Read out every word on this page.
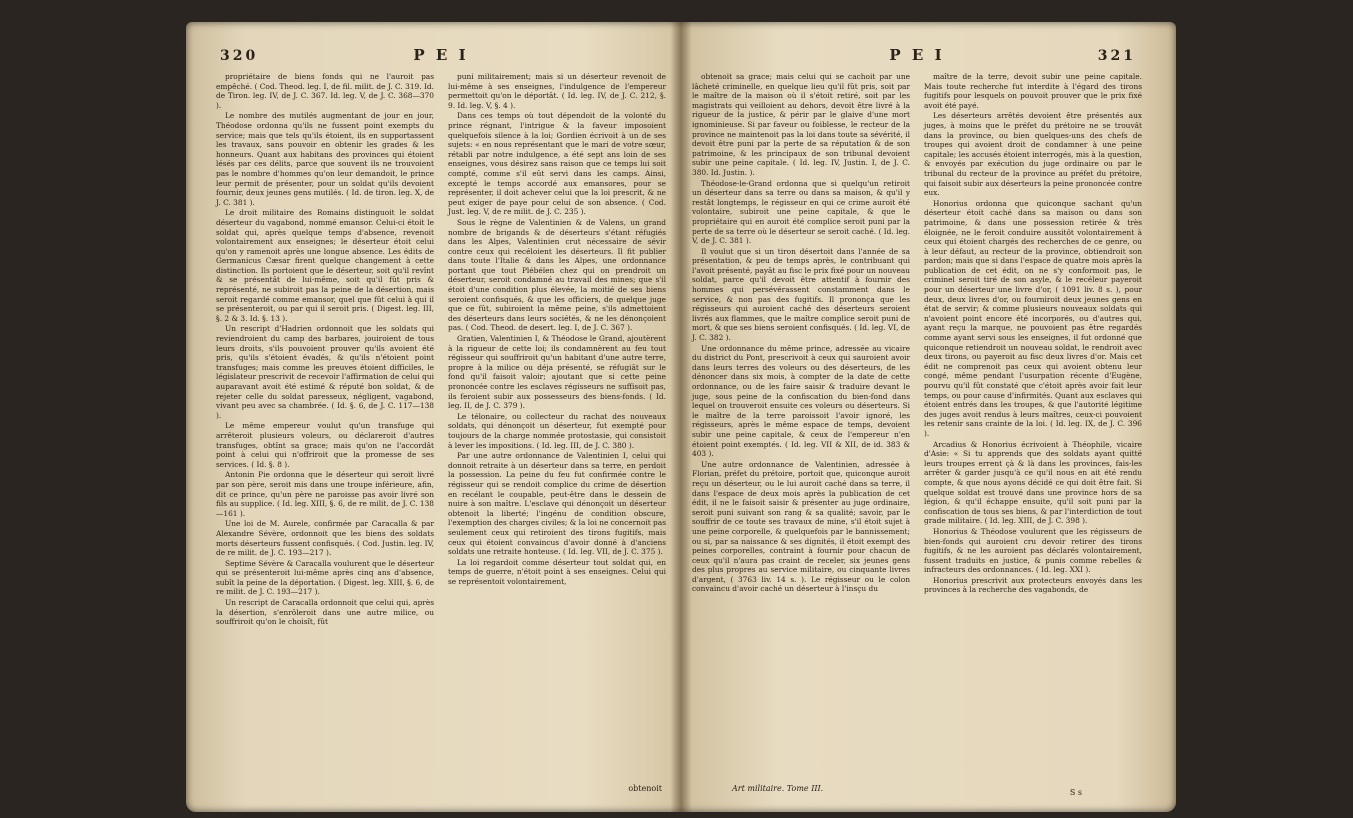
320	P E I

propriétaire de biens fonds qui ne l'auroit pas empêché. ( Cod. Theod. leg. I, de fil. milit. de J. C. 319. Id. de Tiron. leg. IV, de J. C. 367. Id. leg. V, de J. C. 368—370 ).

Le nombre des mutilés augmentant de jour en jour, Théodose ordonna qu'ils ne fussent point exempts du service; mais que tels qu'ils étoient, ils en supportassent les travaux, sans pouvoir en obtenir les grades & les honneurs. Quant aux habitans des provinces qui étoient lésés par ces délits, parce que souvent ils ne trouvoient pas le nombre d'hommes qu'on leur demandoit, le prince leur permit de présenter, pour un soldat qu'ils devoient fournir, deux jeunes gens mutilés. ( Id. de tiron. leg. X, de J. C. 381 ).

Le droit militaire des Romains distinguoit le soldat déserteur du vagabond, nommé emansor. Celui-ci étoit le soldat qui, après quelque temps d'absence, revenoit volontairement aux enseignes; le déserteur étoit celui qu'on y ramenoit après une longue absence. Les édits de Germanicus Cæsar firent quelque changement à cette distinction. Ils portoient que le déserteur, soit qu'il revînt & se présentât de lui-même, soit qu'il fût pris & représenté, ne subiroit pas la peine de la désertion, mais seroit regardé comme emansor, quel que fût celui à qui il se présenteroit, ou par qui il seroit pris. ( Digest. leg. III, §. 2 & 3. Id. §. 13 ).

Un rescript d'Hadrien ordonnoit que les soldats qui reviendroient du camp des barbares, jouiroient de tous leurs droits, s'ils pouvoient prouver qu'ils avoient été pris, qu'ils s'étoient évadés, & qu'ils n'étoient point transfuges; mais comme les preuves étoient difficiles, le législateur prescrivit de recevoir l'affirmation de celui qui auparavant avoit été estimé & réputé bon soldat, & de rejeter celle du soldat paresseux, négligent, vagabond, vivant peu avec sa chambrée. ( Id. §. 6, de J. C. 117—138 ).

Le même empereur voulut qu'un transfuge qui arrêteroit plusieurs voleurs, ou déclareroit d'autres transfuges, obtînt sa grace; mais qu'on ne l'accordât point à celui qui n'offriroit que la promesse de ses services. ( Id. §. 8 ).

Antonin Pie ordonna que le déserteur qui seroit livré par son père, seroit mis dans une troupe inférieure, afin, dit ce prince, qu'un père ne paroisse pas avoir livré son fils au supplice. ( Id. leg. XIII, §. 6, de re milit. de J. C. 138—161 ).

Une loi de M. Aurele, confirmée par Caracalla & par Alexandre Sévère, ordonnoit que les biens des soldats morts déserteurs fussent confisqués. ( Cod. Justin. leg. IV, de re milit. de J. C. 193—217 ).

Septime Sévère & Caracalla voulurent que le déserteur qui se présenteroit lui-même après cinq ans d'absence, subît la peine de la déportation. ( Digest. leg. XIII, §. 6, de re milit. de J. C. 193—217 ).

Un rescript de Caracalla ordonnoit que celui qui, après la désertion, s'enrôleroit dans une autre milice, ou souffriroit qu'on le choisît, fût

puni militairement; mais si un déserteur revenoit de lui-même à ses enseignes, l'indulgence de l'empereur permettoit qu'on le déportât. ( Id. leg. IV, de J. C. 212, §. 9. Id. leg. V, §. 4 ).

Dans ces temps où tout dépendoit de la volonté du prince régnant, l'intrigue & la faveur imposoient quelquefois silence à la loi; Gordien écrivoit à un de ses sujets: « en nous représentant que le mari de votre sœur, rétabli par notre indulgence, a été sept ans loin de ses enseignes, vous désirez sans raison que ce temps lui soit compté, comme s'il eût servi dans les camps. Ainsi, excepté le temps accordé aux emansores, pour se représenter, il doit achever celui que la loi prescrit, & ne peut exiger de paye pour celui de son absence. ( Cod. Just. leg. V, de re milit. de J. C. 235 ).

Sous le règne de Valentinien & de Valens, un grand nombre de brigands & de déserteurs s'étant réfugiés dans les Alpes, Valentinien crut nécessaire de sévir contre ceux qui recéloient les déserteurs. Il fit publier dans toute l'Italie & dans les Alpes, une ordonnance portant que tout Plébéïen chez qui on prendroit un déserteur, seroit condamné au travail des mines; que s'il étoit d'une condition plus élevée, la moitié de ses biens seroient confisqués, & que les officiers, de quelque juge que ce fût, subiroient la même peine, s'ils admettoient des déserteurs dans leurs sociétés, & ne les dénonçoient pas. ( Cod. Theod. de desert. leg. I, de J. C. 367 ).

Gratien, Valentinien I, & Théodose le Grand, ajoutèrent à la rigueur de cette loi; ils condamnèrent au feu tout régisseur qui souffriroit qu'un habitant d'une autre terre, propre à la milice ou déja présenté, se réfugiât sur le fond qu'il faisoit valoir; ajoutant que si cette peine prononcée contre les esclaves régisseurs ne suffisoit pas, ils feroient subir aux possesseurs des biens-fonds. ( Id. leg. II, de J. C. 379 ).

Le télonaire, ou collecteur du rachat des nouveaux soldats, qui dénonçoit un déserteur, fut exempté pour toujours de la charge nommée protostasie, qui consistoit à lever les impositions. ( Id. leg. III, de J. C. 380 ).

Par une autre ordonnance de Valentinien I, celui qui donnoit retraite à un déserteur dans sa terre, en perdoit la possession. La peine du feu fut confirmée contre le régisseur qui se rendoit complice du crime de désertion en recélant le coupable, peut-être dans le dessein de nuire à son maître. L'esclave qui dénonçoit un déserteur obtenoit la liberté; l'ingénu de condition obscure, l'exemption des charges civiles; & la loi ne concernoit pas seulement ceux qui retiroient des tirons fugitifs, mais ceux qui étoient convaincus d'avoir donné à d'anciens soldats une retraite honteuse. ( Id. leg. VII, de J. C. 375 ).

La loi regardoit comme déserteur tout soldat qui, en temps de guerre, n'étoit point à ses enseignes. Celui qui se représentoit volontairement,

obtenoit
P E I	321

obtenoit sa grace; mais celui qui se cachoit par une lâcheté criminelle, en quelque lieu qu'il fût pris, soit par le maître de la maison où il s'étoit retiré, soit par les magistrats qui veilloient au dehors, devoit être livré à la rigueur de la justice, & périr par le glaive d'une mort ignominieuse. Si par faveur ou foiblesse, le recteur de la province ne maintenoit pas la loi dans toute sa sévérité, il devoit être puni par la perte de sa réputation & de son patrimoine, & les principaux de son tribunal devoient subir une peine capitale. ( Id. leg. IV, Justin. I, de J. C. 380. Id. Justin. ).

Théodose-le-Grand ordonna que si quelqu'un retiroit un déserteur dans sa terre ou dans sa maison, & qu'il y restât longtemps, le régisseur en qui ce crime auroit été volontaire, subiroit une peine capitale, & que le propriétaire qui en auroit été complice seroit puni par la perte de sa terre où le déserteur se seroit caché. ( Id. leg. V, de J. C. 381 ).

Il voulut que si un tiron désertoit dans l'année de sa présentation, & peu de temps après, le contribuant qui l'avoit présenté, payât au fisc le prix fixé pour un nouveau soldat, parce qu'il devoit être attentif à fournir des hommes qui persévérassent constamment dans le service, & non pas des fugitifs. Il prononça que les régisseurs qui auroient caché des déserteurs seroient livrés aux flammes, que le maître complice seroit puni de mort, & que ses biens seroient confisqués. ( Id. leg. VI, de J. C. 382 ).

Une ordonnance du même prince, adressée au vicaire du district du Pont, prescrivoit à ceux qui sauroient avoir dans leurs terres des voleurs ou des déserteurs, de les dénoncer dans six mois, à compter de la date de cette ordonnance, ou de les faire saisir & traduire devant le juge, sous peine de la confiscation du bien-fond dans lequel on trouveroit ensuite ces voleurs ou déserteurs. Si le maître de la terre paroissoit l'avoir ignoré, les régisseurs, après le même espace de temps, devoient subir une peine capitale, & ceux de l'empereur n'en étoient point exemptés. ( Id. leg. VII & XII, de id. 383 & 403 ).

Une autre ordonnance de Valentinien, adressée à Florian, préfet du prétoire, portoit que, quiconque auroit reçu un déserteur, ou le lui auroit caché dans sa terre, il dans l'espace de deux mois après la publication de cet édit, il ne le faisoit saisir & présenter au juge ordinaire, seroit puni suivant son rang & sa qualité; savoir, par le souffrir de ce toute ses travaux de mine, s'il étoit sujet à une peine corporelle, & quelquefois par le bannissement; ou si, par sa naissance & ses dignités, il étoit exempt des peines corporelles, contraint à fournir pour chacun de ceux qu'il n'aura pas craint de receler, six jeunes gens des plus propres au service militaire, ou cinquante livres d'argent, ( 3763 liv. 14 s. ). Le régisseur ou le colon convaincu d'avoir caché un déserteur à l'insçu du

maître de la terre, devoit subir une peine capitale. Mais toute recherche fut interdite à l'égard des tirons fugitifs pour lesquels on pouvoit prouver que le prix fixé avoit été payé.

Les déserteurs arrêtés devoient être présentés aux juges, à moins que le préfet du prétoire ne se trouvât dans la province, ou bien quelques-uns des chefs de troupes qui avoient droit de condamner à une peine capitale; les accusés étoient interrogés, mis à la question, & envoyés par exécution du juge ordinaire ou par le tribunal du recteur de la province au préfet du prétoire, qui faisoit subir aux déserteurs la peine prononcée contre eux.

Honorius ordonna que quiconque sachant qu'un déserteur étoit caché dans sa maison ou dans son patrimoine, & dans une possession retirée & très éloignée, ne le feroit conduire aussitôt volontairement à ceux qui étoient chargés des recherches de ce genre, ou à leur défaut, au recteur de la province, obtiendroit son pardon; mais que si dans l'espace de quatre mois après la publication de cet édit, on ne s'y conformoit pas, le criminel seroit tiré de son asyle, & le recéleur payeroit pour un déserteur une livre d'or, ( 1091 liv. 8 s. ), pour deux, deux livres d'or, ou fourniroit deux jeunes gens en état de servir; & comme plusieurs nouveaux soldats qui n'avoient point encore été incorporés, ou d'autres qui, ayant reçu la marque, ne pouvoient pas être regardés comme ayant servi sous les enseignes, il fut ordonné que quiconque retiendroit un nouveau soldat, le rendroit avec deux tirons, ou payeroit au fisc deux livres d'or. Mais cet édit ne comprenoit pas ceux qui avoient obtenu leur congé, même pendant l'usurpation récente d'Eugène, pourvu qu'il fût constaté que c'étoit après avoir fait leur temps, ou pour cause d'infirmités. Quant aux esclaves qui étoient entrés dans les troupes, & que l'autorité légitime des juges avoit rendus à leurs maîtres, ceux-ci pouvoient les retenir sans crainte de la loi. ( Id. leg. IX, de J. C. 396 ).

Arcadius & Honorius écrivoient à Théophile, vicaire d'Asie: « Si tu apprends que des soldats ayant quitté leurs troupes errent çà & là dans les provinces, fais-les arrêter & garder jusqu'à ce qu'il nous en ait été rendu compte, & que nous ayons décidé ce qui doit être fait. Si quelque soldat est trouvé dans une province hors de sa légion, & qu'il échappe ensuite, qu'il soit puni par la confiscation de tous ses biens, & par l'interdiction de tout grade militaire. ( Id. leg. XIII, de J. C. 398 ).

Honorius & Théodose voulurent que les régisseurs de bien-fonds qui auroient cru devoir retirer des tirons fugitifs, & ne les auroient pas déclarés volontairement, fussent traduits en justice, & punis comme rebelles & infracteurs des ordonnances. ( Id. leg. XXI ).

Honorius prescrivit aux protecteurs envoyés dans les provinces à la recherche des vagabonds, de

Art militaire. Tome III.	S s
